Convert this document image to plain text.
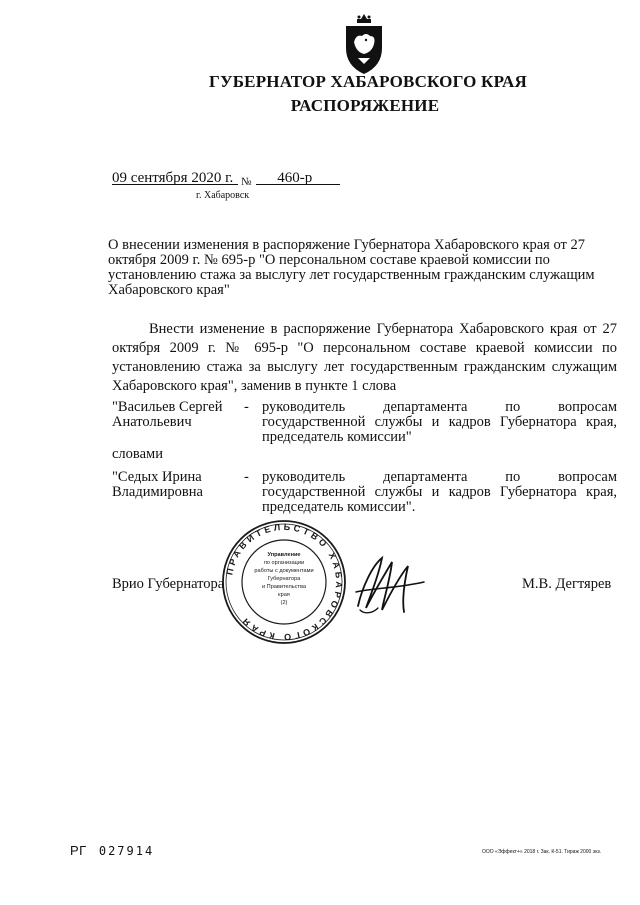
ГУБЕРНАТОР ХАБАРОВСКОГО КРАЯ
РАСПОРЯЖЕНИЕ
09 сентября 2020 г. $_№$ 460-р
г. Хабаровск
О внесении изменения в распоряжение Губернатора Хабаровского края от 27 октября 2009 г. № 695-р "О персональном составе краевой комиссии по установлению стажа за выслугу лет государственным гражданским служащим Хабаровского края"
Внести изменение в распоряжение Губернатора Хабаровского края от 27 октября 2009 г. № 695-р "О персональном составе краевой комиссии по установлению стажа за выслугу лет государственным гражданским служащим Хабаровского края", заменив в пункте 1 слова
"Васильев Сергей Анатольевич
- руководитель департамента по вопросам государственной службы и кадров Губернатора края, председатель комиссии"
словами
"Седых Ирина Владимировна
- руководитель департамента по вопросам государственной службы и кадров Губернатора края, председатель комиссии".
Врио Губернатора	М.В. Дегтярев
ПРАВИТЕЛЬСТВО ХАБАРОВСКОГО КРАЯ
Управление
по организации
работы с документами
Губернатора
и Правительства
края
(2)
РГ 027914	ООО «Эффект+» 2018 г. Зак. К-51. Тираж 2000 экз.
